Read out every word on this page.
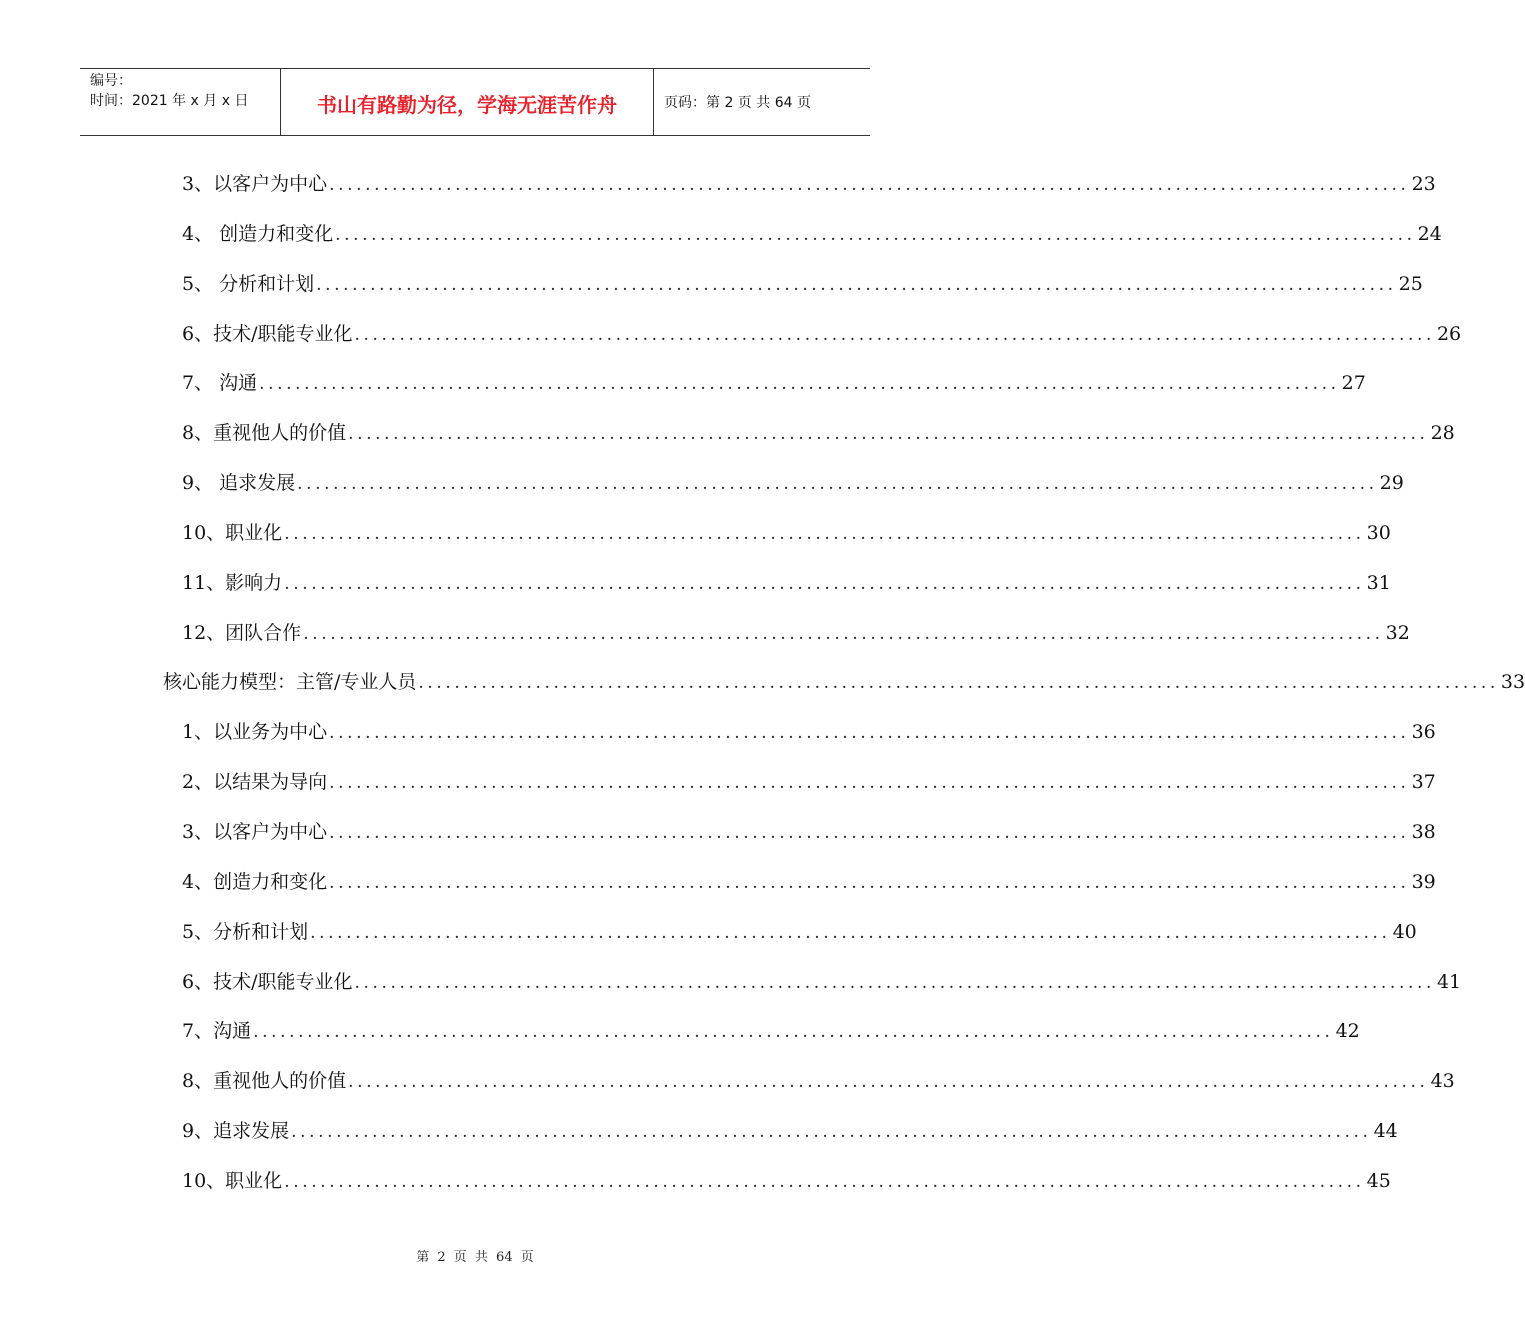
编号：
时间：2021 年 x 月 x 日	书山有路勤为径，学海无涯苦作舟	页码：第 2 页 共 64 页
3、以客户为中心 ........................................................................................................................ 23
4、 创造力和变化 ........................................................................................................................ 24
5、 分析和计划 ........................................................................................................................ 25
6、技术/职能专业化 ........................................................................................................................ 26
7、 沟通 ........................................................................................................................ 27
8、重视他人的价值 ........................................................................................................................ 28
9、 追求发展 ........................................................................................................................ 29
10、职业化 ........................................................................................................................ 30
11、影响力 ........................................................................................................................ 31
12、团队合作 ........................................................................................................................ 32
核心能力模型：主管/专业人员 ........................................................................................................................ 33
1、以业务为中心 ........................................................................................................................ 36
2、以结果为导向 ........................................................................................................................ 37
3、以客户为中心 ........................................................................................................................ 38
4、创造力和变化 ........................................................................................................................ 39
5、分析和计划 ........................................................................................................................ 40
6、技术/职能专业化 ........................................................................................................................ 41
7、沟通 ........................................................................................................................ 42
8、重视他人的价值 ........................................................................................................................ 43
9、追求发展 ........................................................................................................................ 44
10、职业化 ........................................................................................................................ 45
第 2 页 共 64 页
